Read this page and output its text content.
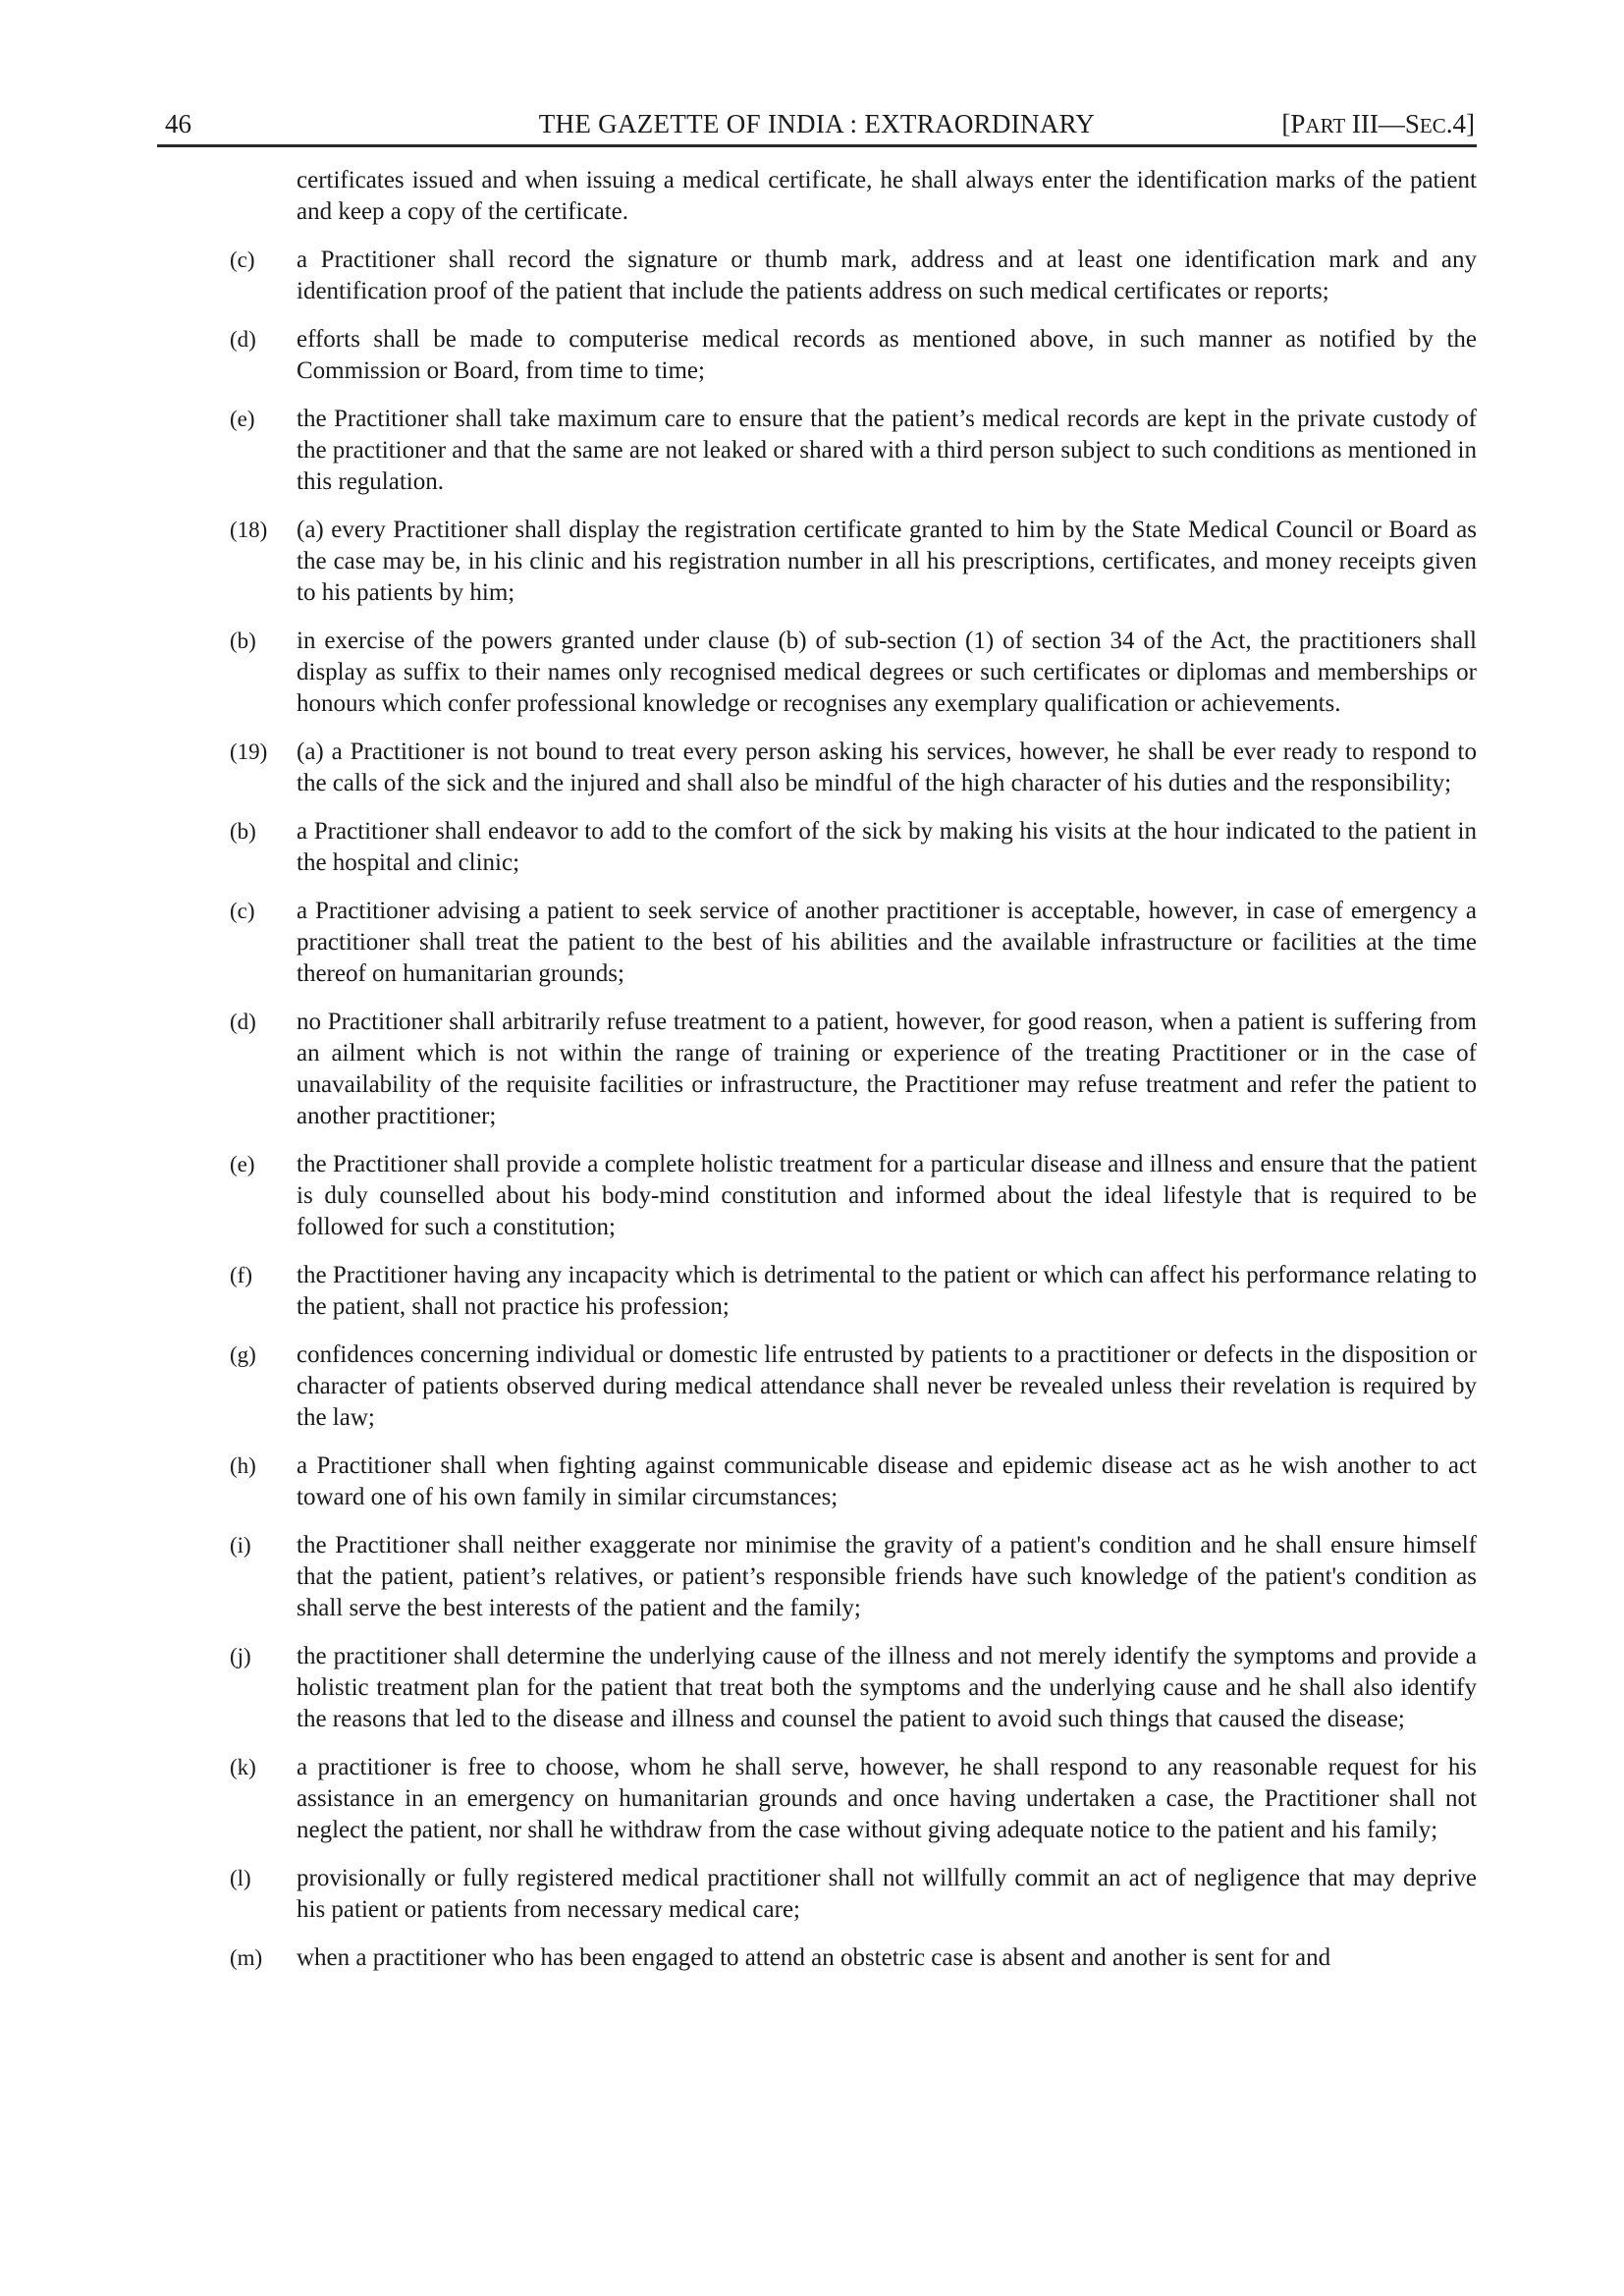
46	THE GAZETTE OF INDIA : EXTRAORDINARY	[PART III—SEC.4]
certificates issued and when issuing a medical certificate, he shall always enter the identification marks of the patient and keep a copy of the certificate.
(c) a Practitioner shall record the signature or thumb mark, address and at least one identification mark and any identification proof of the patient that include the patients address on such medical certificates or reports;
(d) efforts shall be made to computerise medical records as mentioned above, in such manner as notified by the Commission or Board, from time to time;
(e) the Practitioner shall take maximum care to ensure that the patient’s medical records are kept in the private custody of the practitioner and that the same are not leaked or shared with a third person subject to such conditions as mentioned in this regulation.
(18) (a) every Practitioner shall display the registration certificate granted to him by the State Medical Council or Board as the case may be, in his clinic and his registration number in all his prescriptions, certificates, and money receipts given to his patients by him;
(b) in exercise of the powers granted under clause (b) of sub-section (1) of section 34 of the Act, the practitioners shall display as suffix to their names only recognised medical degrees or such certificates or diplomas and memberships or honours which confer professional knowledge or recognises any exemplary qualification or achievements.
(19) (a) a Practitioner is not bound to treat every person asking his services, however, he shall be ever ready to respond to the calls of the sick and the injured and shall also be mindful of the high character of his duties and the responsibility;
(b) a Practitioner shall endeavor to add to the comfort of the sick by making his visits at the hour indicated to the patient in the hospital and clinic;
(c) a Practitioner advising a patient to seek service of another practitioner is acceptable, however, in case of emergency a practitioner shall treat the patient to the best of his abilities and the available infrastructure or facilities at the time thereof on humanitarian grounds;
(d) no Practitioner shall arbitrarily refuse treatment to a patient, however, for good reason, when a patient is suffering from an ailment which is not within the range of training or experience of the treating Practitioner or in the case of unavailability of the requisite facilities or infrastructure, the Practitioner may refuse treatment and refer the patient to another practitioner;
(e) the Practitioner shall provide a complete holistic treatment for a particular disease and illness and ensure that the patient is duly counselled about his body-mind constitution and informed about the ideal lifestyle that is required to be followed for such a constitution;
(f) the Practitioner having any incapacity which is detrimental to the patient or which can affect his performance relating to the patient, shall not practice his profession;
(g) confidences concerning individual or domestic life entrusted by patients to a practitioner or defects in the disposition or character of patients observed during medical attendance shall never be revealed unless their revelation is required by the law;
(h) a Practitioner shall when fighting against communicable disease and epidemic disease act as he wish another to act toward one of his own family in similar circumstances;
(i) the Practitioner shall neither exaggerate nor minimise the gravity of a patient's condition and he shall ensure himself that the patient, patient’s relatives, or patient’s responsible friends have such knowledge of the patient's condition as shall serve the best interests of the patient and the family;
(j) the practitioner shall determine the underlying cause of the illness and not merely identify the symptoms and provide a holistic treatment plan for the patient that treat both the symptoms and the underlying cause and he shall also identify the reasons that led to the disease and illness and counsel the patient to avoid such things that caused the disease;
(k) a practitioner is free to choose, whom he shall serve, however, he shall respond to any reasonable request for his assistance in an emergency on humanitarian grounds and once having undertaken a case, the Practitioner shall not neglect the patient, nor shall he withdraw from the case without giving adequate notice to the patient and his family;
(l) provisionally or fully registered medical practitioner shall not willfully commit an act of negligence that may deprive his patient or patients from necessary medical care;
(m) when a practitioner who has been engaged to attend an obstetric case is absent and another is sent for and
